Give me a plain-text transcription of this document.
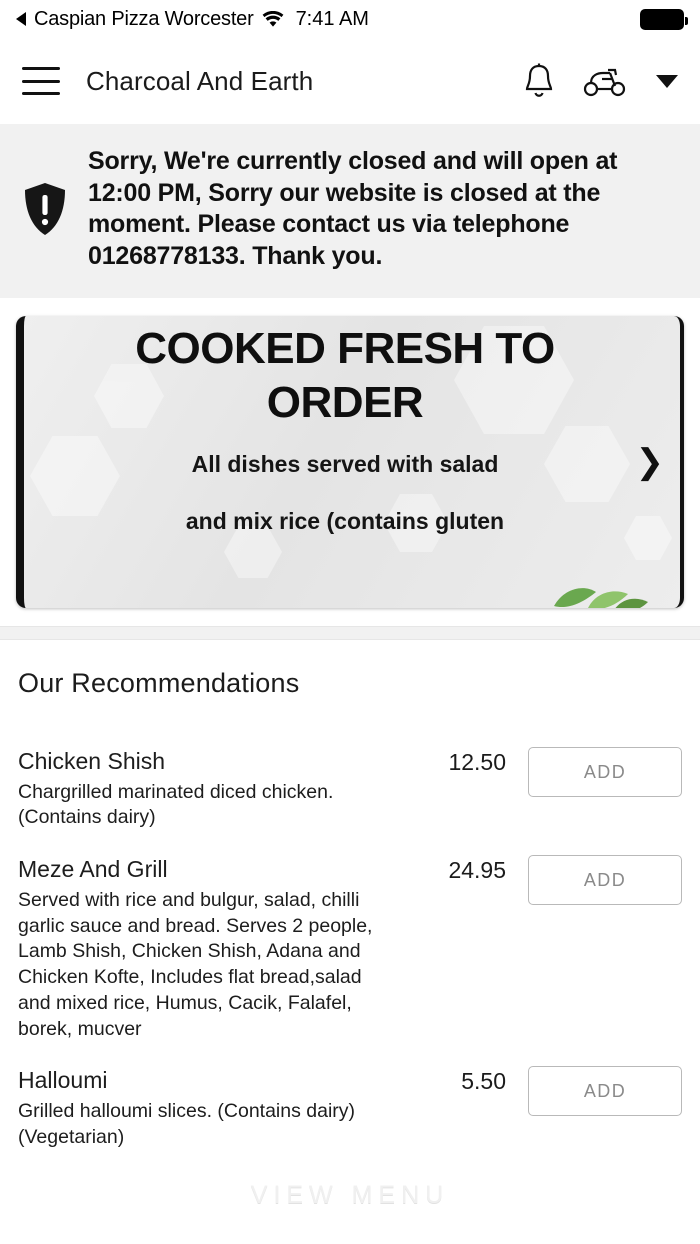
Caspian Pizza Worcester 7:41 AM
Charcoal And Earth
Sorry, We're currently closed and will open at 12:00 PM, Sorry our website is closed at the moment. Please contact us via telephone 01268778133. Thank you.
COOKED FRESH TO ORDER
All dishes served with salad
and mix rice (contains gluten
❯
Our Recommendations
Chicken Shish
Chargrilled marinated diced chicken. (Contains dairy)
12.50	ADD
Meze And Grill
Served with rice and bulgur, salad, chilli garlic sauce and bread. Serves 2 people, Lamb Shish, Chicken Shish, Adana and Chicken Kofte, Includes flat bread,salad and mixed rice, Humus, Cacik, Falafel, borek, mucver
24.95	ADD
Halloumi
Grilled halloumi slices. (Contains dairy) (Vegetarian)
5.50	ADD
VIEW MENU
